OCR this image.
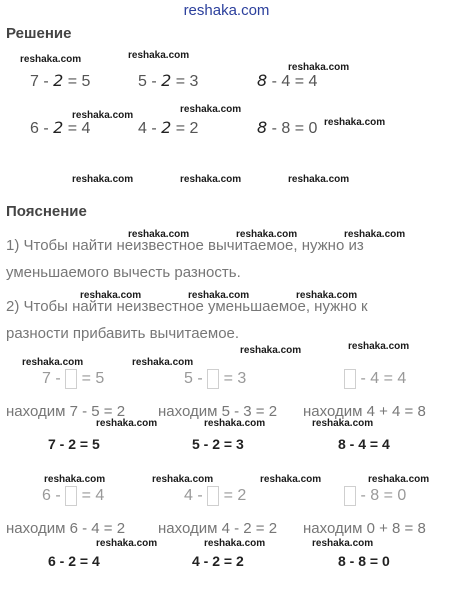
reshaka.com
Решение
Пояснение
reshaka.com	reshaka.com
reshaka.com
reshaka.com
reshaka.com
reshaka.com
reshaka.com	reshaka.com	reshaka.com
reshaka.com	reshaka.com	reshaka.com
reshaka.com	reshaka.com	reshaka.com
reshaka.com	reshaka.com
reshaka.com	reshaka.com
reshaka.com	reshaka.com	reshaka.com
reshaka.com	reshaka.com	reshaka.com	reshaka.com
reshaka.com	reshaka.com	reshaka.com
7 - 2 = 5	5 - 2 = 3	8 - 4 = 4
6 - 2 = 4	4 - 2 = 2	8 - 8 = 0
1) Чтобы найти неизвестное вычитаемое, нужно из
уменьшаемого вычесть разность.
2) Чтобы найти неизвестное уменьшаемое, нужно к
разности прибавить вычитаемое.
7 - = 5	5 - = 3	- 4 = 4
находим 7 - 5 = 2 находим 5 - 3 = 2 находим 4 + 4 = 8
7 - 2 = 5	5 - 2 = 3	8 - 4 = 4
6 - = 4	4 - = 2	- 8 = 0
находим 6 - 4 = 2 находим 4 - 2 = 2 находим 0 + 8 = 8
6 - 2 = 4	4 - 2 = 2	8 - 8 = 0
